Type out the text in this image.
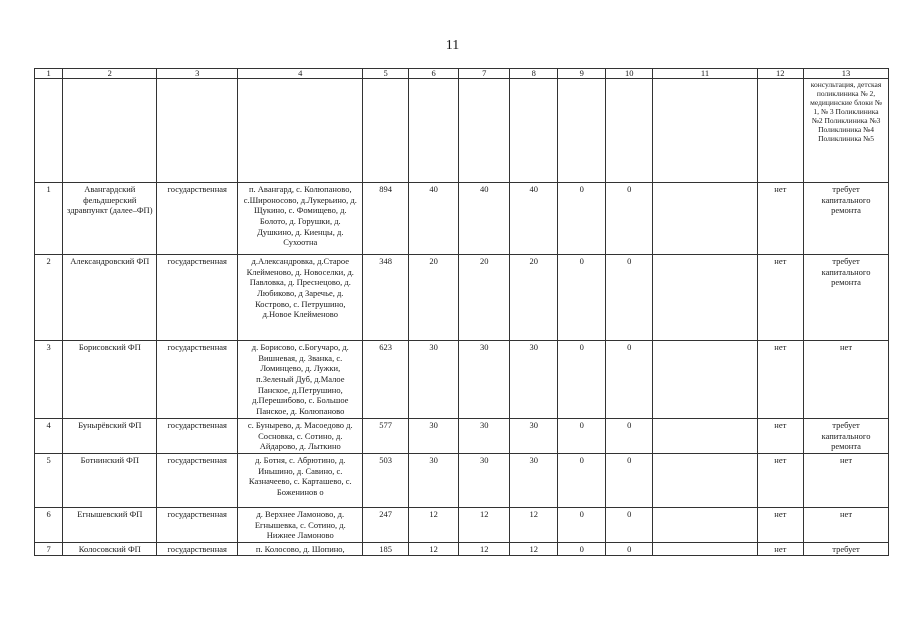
11
1	2	3	4	5	6	7	8	9	10	11	12	13
												консультация, детская поликлиника № 2, медицинские блоки № 1, № 3 Поликлиника №2 Поликлиника №3 Поликлиника №4 Поликлиника №5
1	Авангардский фельдшерский здравпункт (далее–ФП)	государственная	п. Авангард, с. Колюпаново, с.Широносово, д.Лукерьино, д. Щукино, с. Фомищево, д. Болото, д. Горушки, д. Душкино, д. Киенцы, д. Сухоотна	894	40	40	40	0	0		нет	требует капитального ремонта
2	Александровский ФП	государственная	д.Александровка, д.Старое Клейменово, д. Новоселки, д. Павловка, д. Преснецово, д. Любиково, д Заречье, д. Кострово, с. Петрушино, д.Новое Клейменово	348	20	20	20	0	0		нет	требует капитального ремонта
3	Борисовский ФП	государственная	д. Борисово, с.Богучаро, д. Вишневая, д. Званка, с. Ломинцево, д. Лужки, п.Зеленый Дуб, д.Малое Панское, д.Петрушино, д.Перешибово, с. Большое Панское, д. Колюпаново	623	30	30	30	0	0		нет	нет
4	Бунырёвский ФП	государственная	с. Бунырево, д. Масоедово д. Сосновка, с. Сотино, д. Айдарово, д. Лыткино	577	30	30	30	0	0		нет	требует капитального ремонта
5	Ботнинский ФП	государственная	д. Ботня, с. Абрютино, д. Иньшино, д. Савино, с. Казначеево, с. Карташево, с. Боженинов о	503	30	30	30	0	0		нет	нет
6	Егнышевский ФП	государственная	д. Верхнее Ламоново, д. Егнышевка, с. Сотино, д. Нижнее Ламоново	247	12	12	12	0	0		нет	нет
7	Колосовский ФП	государственная	п. Колосово, д. Шопино,	185	12	12	12	0	0		нет	требует
